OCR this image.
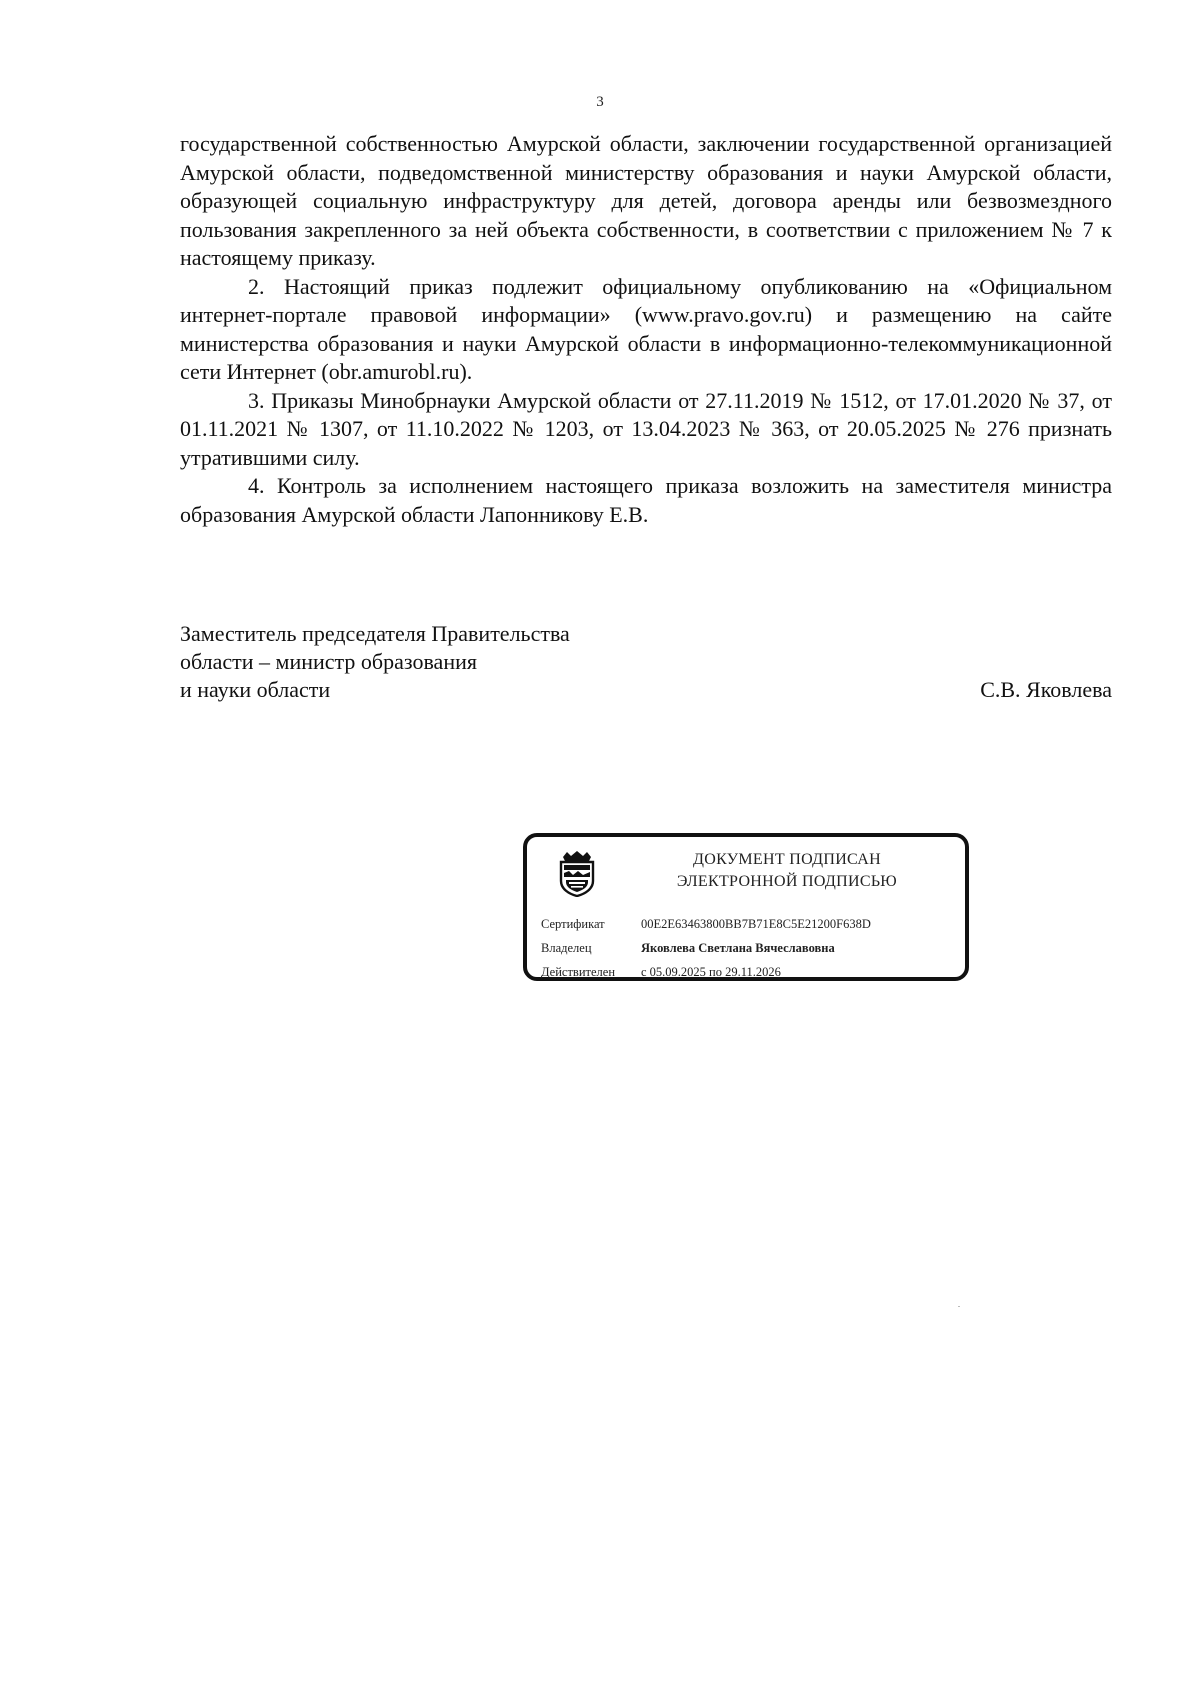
3

государственной собственностью Амурской области, заключении государственной организацией Амурской области, подведомственной министерству образования и науки Амурской области, образующей социальную инфраструктуру для детей, договора аренды или безвозмездного пользования закрепленного за ней объекта собственности, в соответствии с приложением № 7 к настоящему приказу.

2. Настоящий приказ подлежит официальному опубликованию на «Официальном интернет-портале правовой информации» (www.pravo.gov.ru) и размещению на сайте министерства образования и науки Амурской области в информационно-телекоммуникационной сети Интернет (obr.amurobl.ru).

3. Приказы Минобрнауки Амурской области от 27.11.2019 № 1512, от 17.01.2020 № 37, от 01.11.2021 № 1307, от 11.10.2022 № 1203, от 13.04.2023 № 363, от 20.05.2025 № 276 признать утратившими силу.

4. Контроль за исполнением настоящего приказа возложить на заместителя министра образования Амурской области Лапонникову Е.В.

Заместитель председателя Правительства
области – министр образования
и науки области	С.В. Яковлева
ДОКУМЕНТ ПОДПИСАН
ЭЛЕКТРОННОЙ ПОДПИСЬЮ
Сертификат	00E2E63463800BB7B71E8C5E21200F638D
Владелец	Яковлева Светлана Вячеславовна
Действителен с 05.09.2025 по 29.11.2026
